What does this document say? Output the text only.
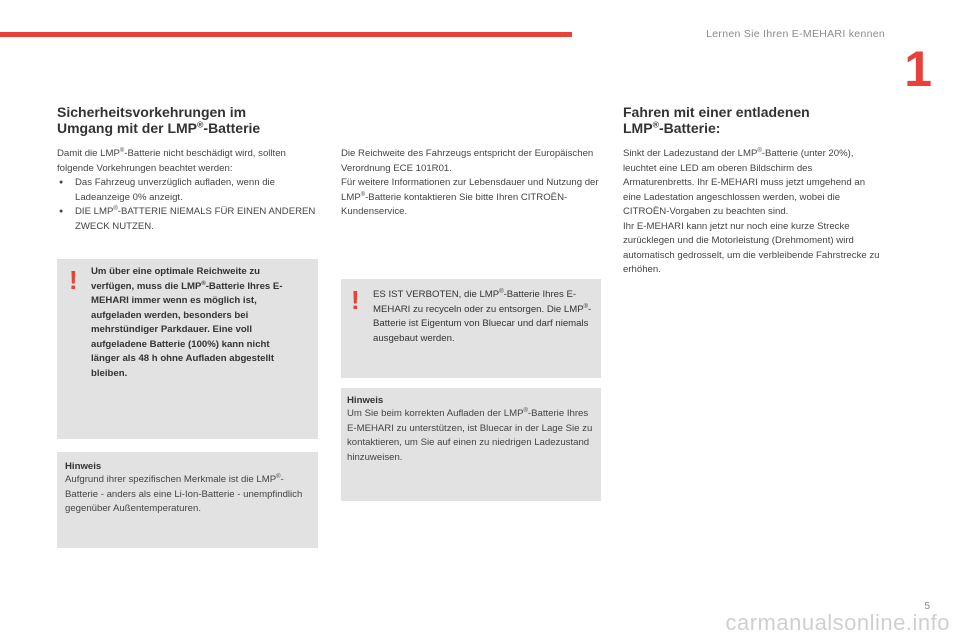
Lernen Sie Ihren E-MEHARI kennen
1
Sicherheitsvorkehrungen im
Umgang mit der LMP®-Batterie

Damit die LMP®-Batterie nicht beschädigt wird, sollten folgende Vorkehrungen beachtet werden:

● Das Fahrzeug unverzüglich aufladen, wenn die Ladeanzeige 0% anzeigt.
● DIE LMP®-BATTERIE NIEMALS FÜR EINEN ANDEREN ZWECK NUTZEN.
! Um über eine optimale Reichweite zu verfügen, muss die LMP®-Batterie Ihres E-MEHARI immer wenn es möglich ist, aufgeladen werden, besonders bei mehrstündiger Parkdauer. Eine voll aufgeladene Batterie (100%) kann nicht länger als 48 h ohne Aufladen abgestellt bleiben.
Hinweis
Aufgrund ihrer spezifischen Merkmale ist die LMP®-Batterie - anders als eine Li-Ion-Batterie - unempfindlich gegenüber Außentemperaturen.

Die Reichweite des Fahrzeugs entspricht der Europäischen Verordnung ECE 101R01.

Für weitere Informationen zur Lebensdauer und Nutzung der LMP®-Batterie kontaktieren Sie bitte Ihren CITROËN-Kundenservice.

! ES IST VERBOTEN, die LMP®-Batterie Ihres E-MEHARI zu recyceln oder zu entsorgen. Die LMP®-Batterie ist Eigentum von Bluecar und darf niemals ausgebaut werden.
Hinweis
Um Sie beim korrekten Aufladen der LMP®-Batterie Ihres E-MEHARI zu unterstützen, ist Bluecar in der Lage Sie zu kontaktieren, um Sie auf einen zu niedrigen Ladezustand hinzuweisen.
Fahren mit einer entladenen
LMP®-Batterie:

Sinkt der Ladezustand der LMP®-Batterie (unter 20%), leuchtet eine LED am oberen Bildschirm des Armaturenbretts. Ihr E-MEHARI muss jetzt umgehend an eine Ladestation angeschlossen werden, wobei die CITROËN-Vorgaben zu beachten sind.

Ihr E-MEHARI kann jetzt nur noch eine kurze Strecke zurücklegen und die Motorleistung (Drehmoment) wird automatisch gedrosselt, um die verbleibende Fahrstrecke zu erhöhen.

5
carmanualsonline.info
